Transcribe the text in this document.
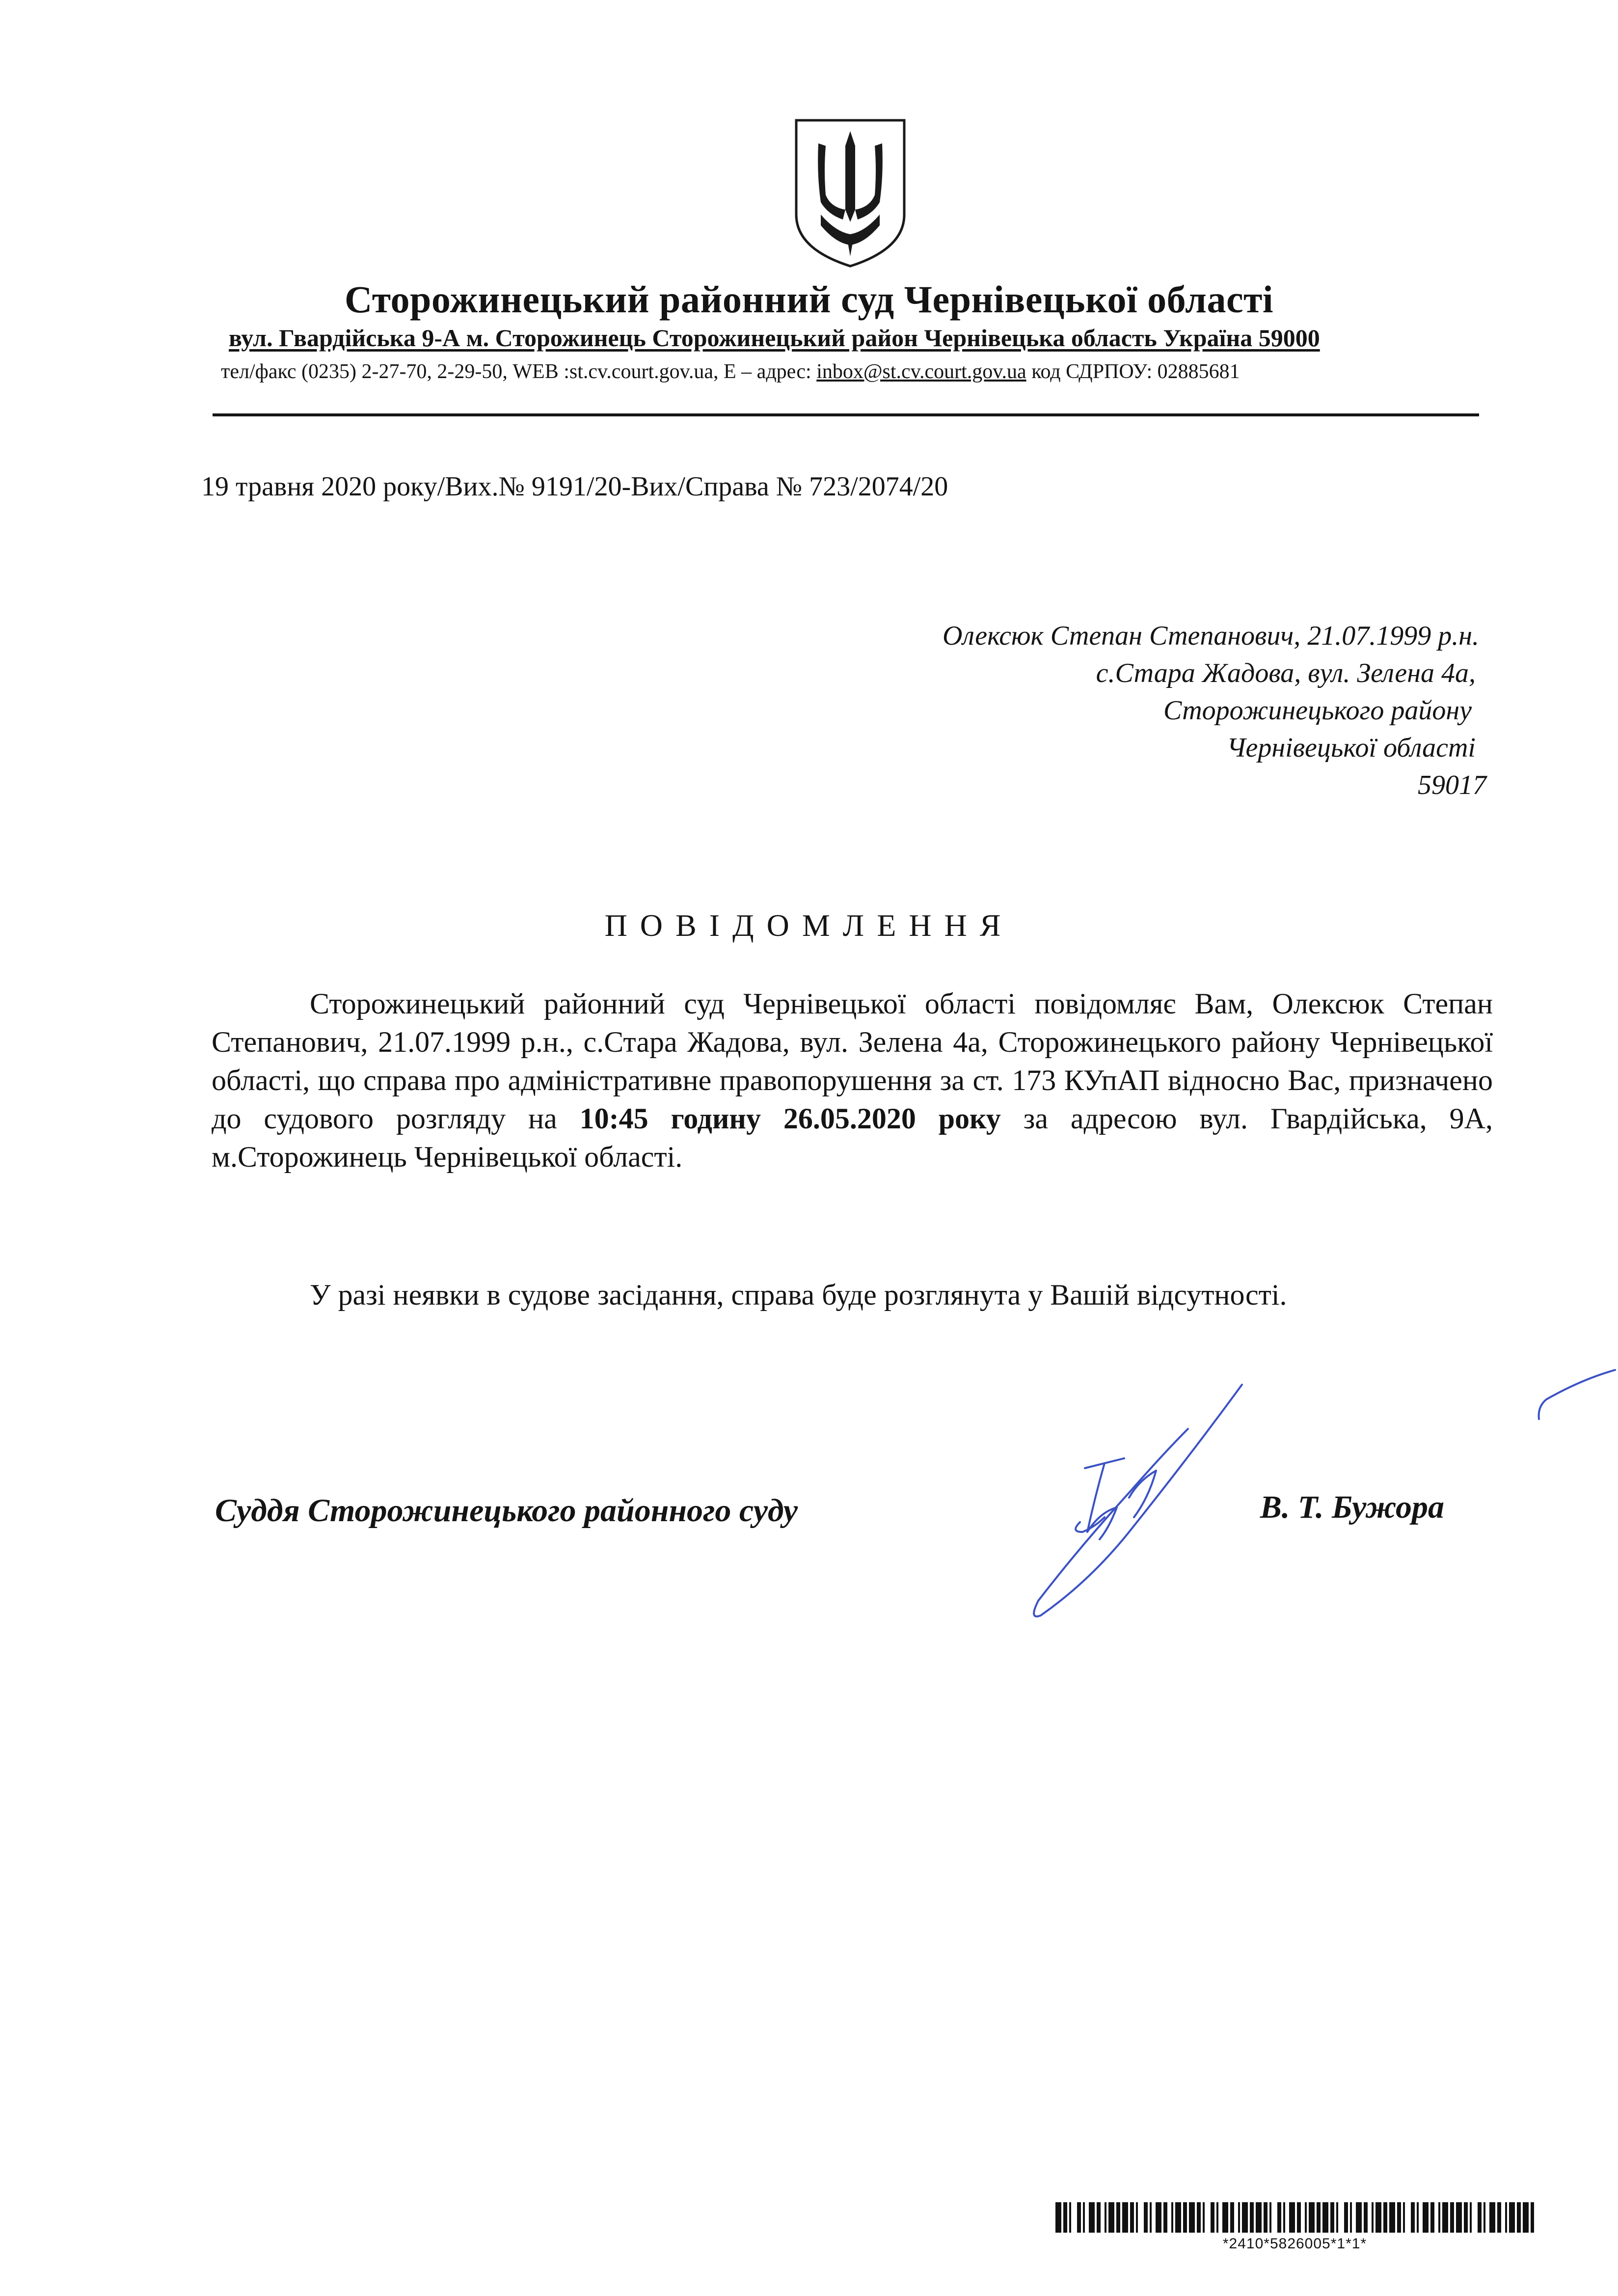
Сторожинецький районний суд Чернівецької області
вул. Гвардійська 9-А м. Сторожинець Сторожинецький район Чернівецька область Україна 59000
тел/факс (0235) 2-27-70, 2-29-50, WEB :st.cv.court.gov.ua, E – адрес: inbox@st.cv.court.gov.ua код СДРПОУ: 02885681
19 травня 2020 року/Вих.№ 9191/20-Вих/Справа № 723/2074/20
Олексюк Степан Степанович, 21.07.1999 р.н.
с.Стара Жадова, вул. Зелена 4а,
Сторожинецького району
Чернівецької області
59017
ПОВІДОМЛЕННЯ

Сторожинецький районний суд Чернівецької області повідомляє Вам, Олексюк Степан Степанович, 21.07.1999 р.н., с.Стара Жадова, вул. Зелена 4а, Сторожинецького району Чернівецької області, що справа про адміністративне правопорушення за ст. 173 КУпАП відносно Вас, призначено до судового розгляду на 10:45 годину 26.05.2020 року за адресою вул. Гвардійська, 9А, м.Сторожинець Чернівецької області.

У разі неявки в судове засідання, справа буде розглянута у Вашій відсутності.

Суддя Сторожинецького районного суду	В. Т. Бужора
*2410*5826005*1*1*
